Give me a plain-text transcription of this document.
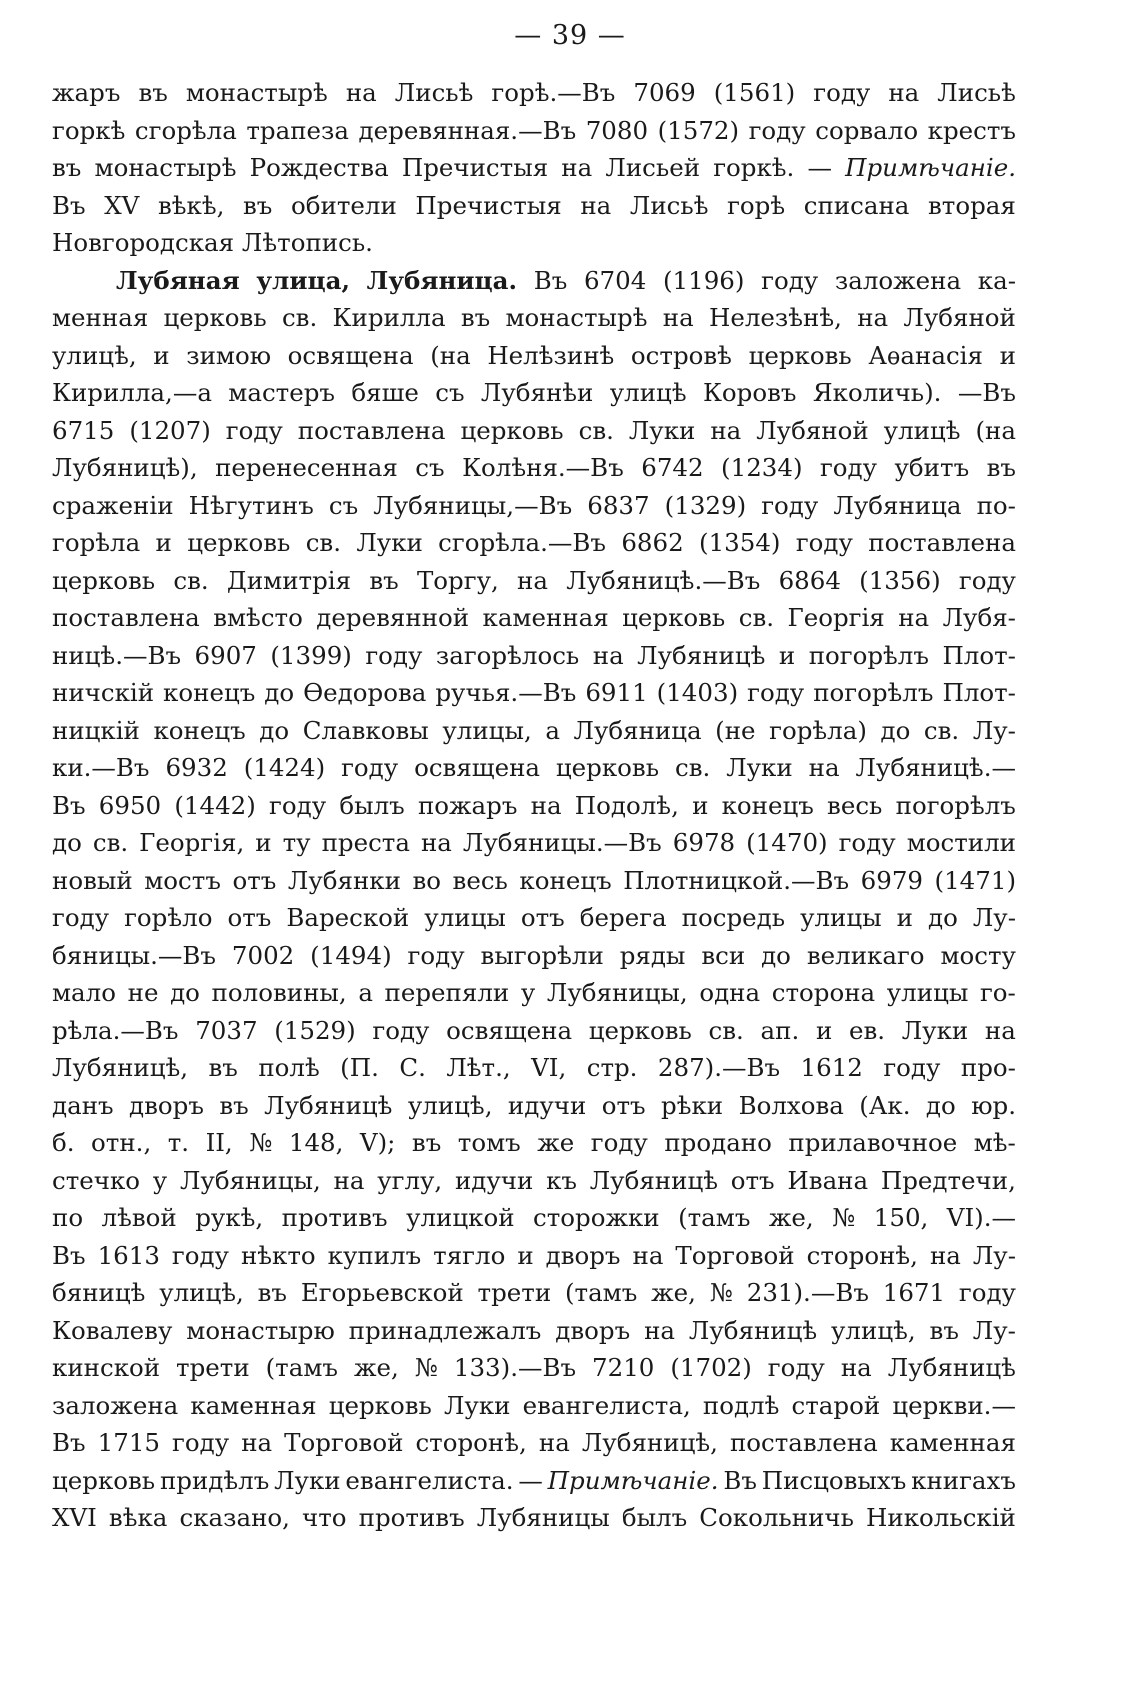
— 39 —
жаръ въ монастырѣ на Лисьѣ горѣ.—Въ 7069 (1561) году на Лисьѣ
горкѣ сгорѣла трапеза деревянная.—Въ 7080 (1572) году сорвало крестъ
въ монастырѣ Рождества Пречистыя на Лисьей горкѣ. — Примѣчаніе.
Въ XV вѣкѣ, въ обители Пречистыя на Лисьѣ горѣ списана вторая
Новгородская
Лѣтопись.
Лубяная улица, Лубяница. Въ 6704 (1196) году заложена ка-
менная церковь св. Кирилла въ монастырѣ на Нелезѣнѣ, на Лубяной
улицѣ, и зимою освящена (на Нелѣзинѣ островѣ церковь Аѳанасія и
Кирилла,—а мастеръ бяше съ Лубянѣи улицѣ Коровъ Яколичь). —Въ
6715 (1207) году поставлена церковь св. Луки на Лубяной улицѣ (на
Лубяницѣ), перенесенная съ Колѣня.—Въ 6742 (1234) году убитъ въ
сраженіи Нѣгутинъ съ Лубяницы,—Въ 6837 (1329) году Лубяница по-
горѣла и церковь св. Луки сгорѣла.—Въ 6862 (1354) году поставлена
церковь св. Димитрія въ Торгу, на Лубяницѣ.—Въ 6864 (1356) году
поставлена вмѣсто деревянной каменная церковь св. Георгія на Лубя-
ницѣ.—Въ 6907 (1399) году загорѣлось на Лубяницѣ и погорѣлъ Плот-
ничскій конецъ до Ѳедорова ручья.—Въ 6911 (1403) году погорѣлъ Плот-
ницкій конецъ до Славковы улицы, а Лубяница (не горѣла) до св. Лу-
ки.—Въ 6932 (1424) году освящена церковь св. Луки на Лубяницѣ.—
Въ 6950 (1442) году былъ пожаръ на Подолѣ, и конецъ весь погорѣлъ
до св. Георгія, и ту преста на Лубяницы.—Въ 6978 (1470) году мостили
новый мостъ отъ Лубянки во весь конецъ Плотницкой.—Въ 6979 (1471)
году горѣло отъ Вареской улицы отъ берега посредь улицы и до Лу-
бяницы.—Въ 7002 (1494) году выгорѣли ряды вси до великаго мосту
мало не до половины, а перепяли у Лубяницы, одна сторона улицы го-
рѣла.—Въ 7037 (1529) году освящена церковь св. ап. и ев. Луки на
Лубяницѣ, въ полѣ (П. С. Лѣт., VI, стр. 287).—Въ 1612 году про-
данъ дворъ въ Лубяницѣ улицѣ, идучи отъ рѣки Волхова (Ак. до юр.
б. отн., т. II, № 148, V); въ томъ же году продано прилавочное мѣ-
стечко у Лубяницы, на углу, идучи къ Лубяницѣ отъ Ивана Предтечи,
по лѣвой рукѣ, противъ улицкой сторожки (тамъ же, № 150, VI).—
Въ 1613 году нѣкто купилъ тягло и дворъ на Торговой сторонѣ, на Лу-
бяницѣ улицѣ, въ Егорьевской трети (тамъ же, № 231).—Въ 1671 году
Ковалеву монастырю принадлежалъ дворъ на Лубяницѣ улицѣ, въ Лу-
кинской трети (тамъ же, № 133).—Въ 7210 (1702) году на Лубяницѣ
заложена каменная церковь Луки евангелиста, подлѣ старой церкви.—
Въ 1715 году на Торговой сторонѣ, на Лубяницѣ, поставлена каменная
церковь придѣлъ Луки евангелиста. — Примѣчаніе. Въ Писцовыхъ книгахъ
XVI вѣка сказано, что противъ Лубяницы былъ Сокольничь Никольскій
